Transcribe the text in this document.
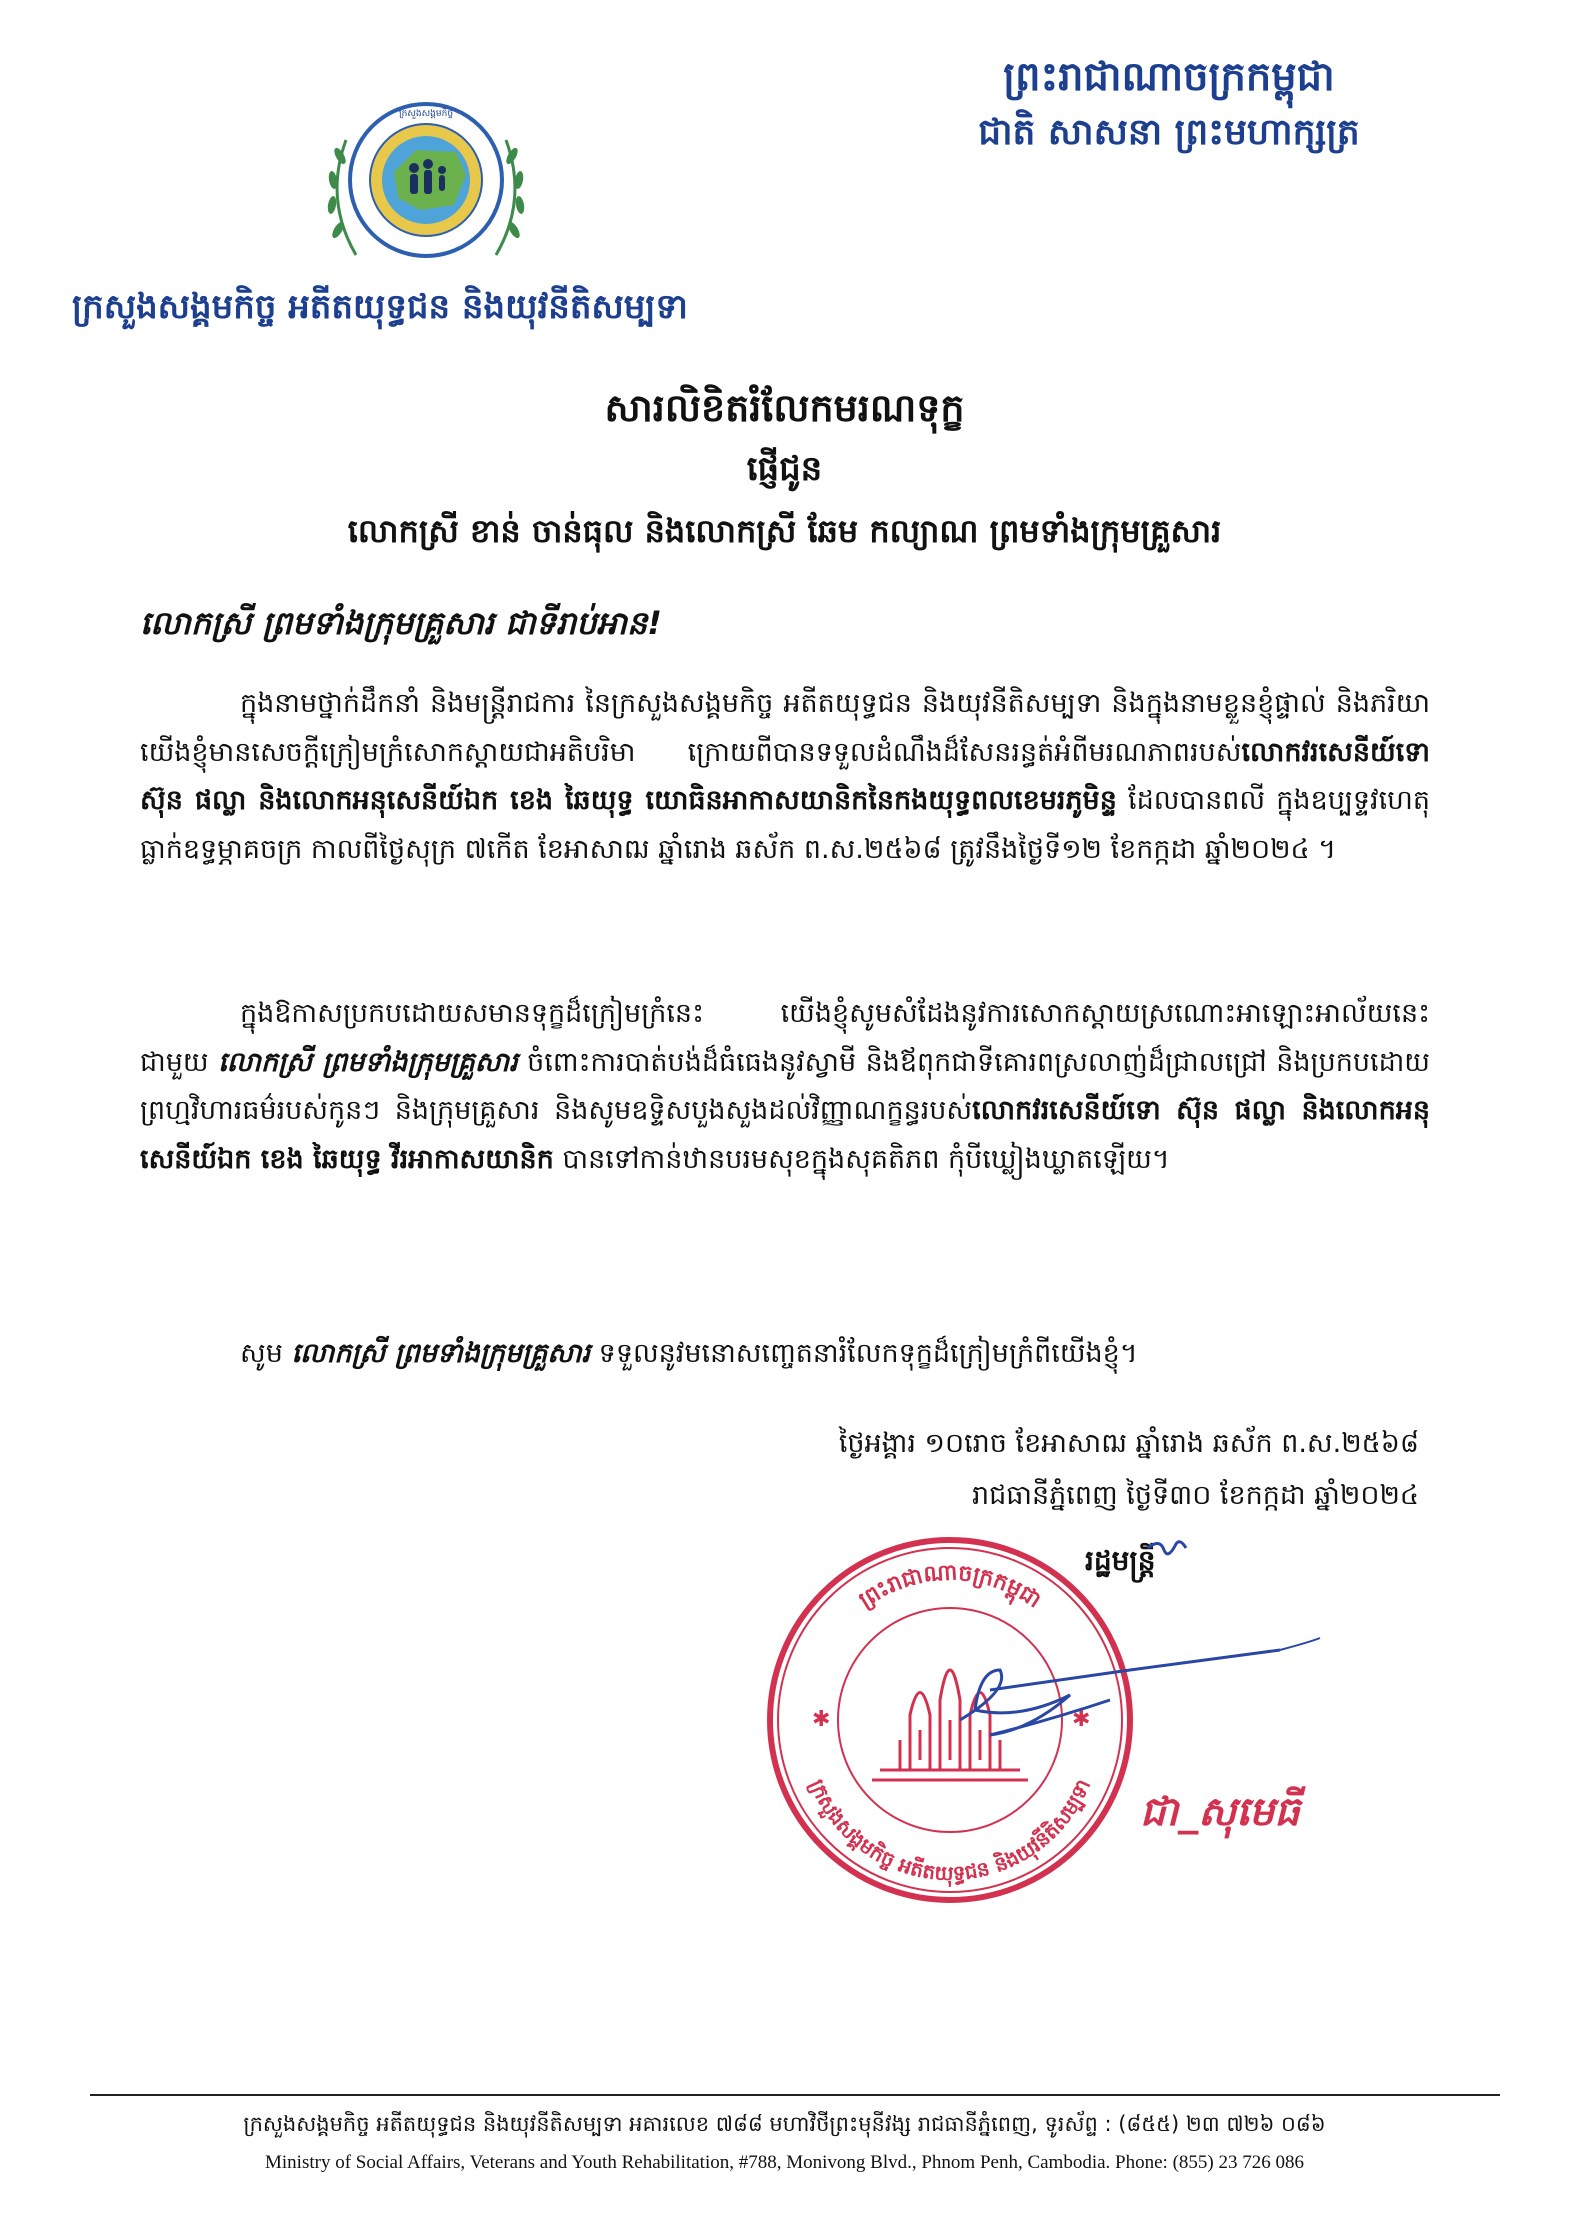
ក្រសួងសង្គមកិច្ច
ព្រះរាជាណាចក្រកម្ពុជា
ជាតិ សាសនា ព្រះមហាក្សត្រ
ក្រសួងសង្គមកិច្ច អតីតយុទ្ធជន និងយុវនីតិសម្បទា
សារលិខិតរំលែកមរណទុក្ខ
ផ្ញើជូន
លោកស្រី ខាន់ ចាន់ធុល និងលោកស្រី ឆែម កល្យាណ ព្រមទាំងក្រុមគ្រួសារ
លោកស្រី ព្រមទាំងក្រុមគ្រួសារ ជាទីរាប់អាន!
ក្នុងនាមថ្នាក់ដឹកនាំ និងមន្ត្រីរាជការ នៃក្រសួងសង្គមកិច្ច អតីតយុទ្ធជន និងយុវនីតិសម្បទា និងក្នុងនាមខ្លួនខ្ញុំផ្ទាល់ និងភរិយា យើងខ្ញុំមានសេចក្តីក្រៀមក្រំសោកស្តាយជាអតិបរិមា ក្រោយពីបានទទួលដំណឹងដ៏សែនរន្ធត់អំពីមរណភាពរបស់លោកវរសេនីយ៍ទោ ស៊ុន ផល្លា និងលោកអនុសេនីយ៍ឯក ខេង ឆៃយុទ្ធ យោធិនអាកាសយានិកនៃកងយុទ្ធពលខេមរភូមិន្ទ ដែលបានពលី ក្នុងឧប្បទ្ទវហេតុធ្លាក់ឧទ្ធម្ភាគចក្រ កាលពីថ្ងៃសុក្រ ៧កើត ខែអាសាឍ ឆ្នាំរោង ឆស័ក ព.ស.២៥៦៨ ត្រូវនឹងថ្ងៃទី១២ ខែកក្កដា ឆ្នាំ២០២៤ ។
ក្នុងឱកាសប្រកបដោយសមានទុក្ខដ៏ក្រៀមក្រំនេះ យើងខ្ញុំសូមសំដែងនូវការសោកស្តាយស្រណោះអាឡោះអាល័យនេះ ជាមួយ លោកស្រី ព្រមទាំងក្រុមគ្រួសារ ចំពោះការបាត់បង់ដ៏ធំធេងនូវស្វាមី និងឪពុកជាទីគោរពស្រលាញ់ដ៏ជ្រាលជ្រៅ និងប្រកបដោយព្រហ្មវិហារធម៌របស់កូនៗ និងក្រុមគ្រួសារ និងសូមឧទ្ទិសបួងសួងដល់វិញ្ញាណក្ខន្ធរបស់លោកវរសេនីយ៍ទោ ស៊ុន ផល្លា និងលោកអនុសេនីយ៍ឯក ខេង ឆៃយុទ្ធ វីរអាកាសយានិក បានទៅកាន់ឋានបរមសុខក្នុងសុគតិភព កុំបីឃ្លៀងឃ្លាតឡើយ។
សូម លោកស្រី ព្រមទាំងក្រុមគ្រួសារ ទទួលនូវមនោសញ្ចេតនារំលែកទុក្ខដ៏ក្រៀមក្រំពីយើងខ្ញុំ។
ថ្ងៃអង្គារ ១០រោច ខែអាសាឍ ឆ្នាំរោង ឆស័ក ព.ស.២៥៦៨
រាជធានីភ្នំពេញ ថ្ងៃទី៣០ ខែកក្កដា ឆ្នាំ២០២៤
ព្រះរាជាណាចក្រកម្ពុជា
ក្រសួងសង្គមកិច្ច អតីតយុទ្ធជន និងយុវនីតិសម្បទា
✱	✱
រដ្ឋមន្ត្រី
ជា_សុមេធី
ក្រសួងសង្គមកិច្ច អតីតយុទ្ធជន និងយុវនីតិសម្បទា អគារលេខ ៧៨៨ មហាវិថីព្រះមុនីវង្ស រាជធានីភ្នំពេញ, ទូរស័ព្ទ : (៨៥៥) ២៣ ៧២៦ ០៨៦
Ministry of Social Affairs, Veterans and Youth Rehabilitation, #788, Monivong Blvd., Phnom Penh, Cambodia. Phone: (855) 23 726 086
